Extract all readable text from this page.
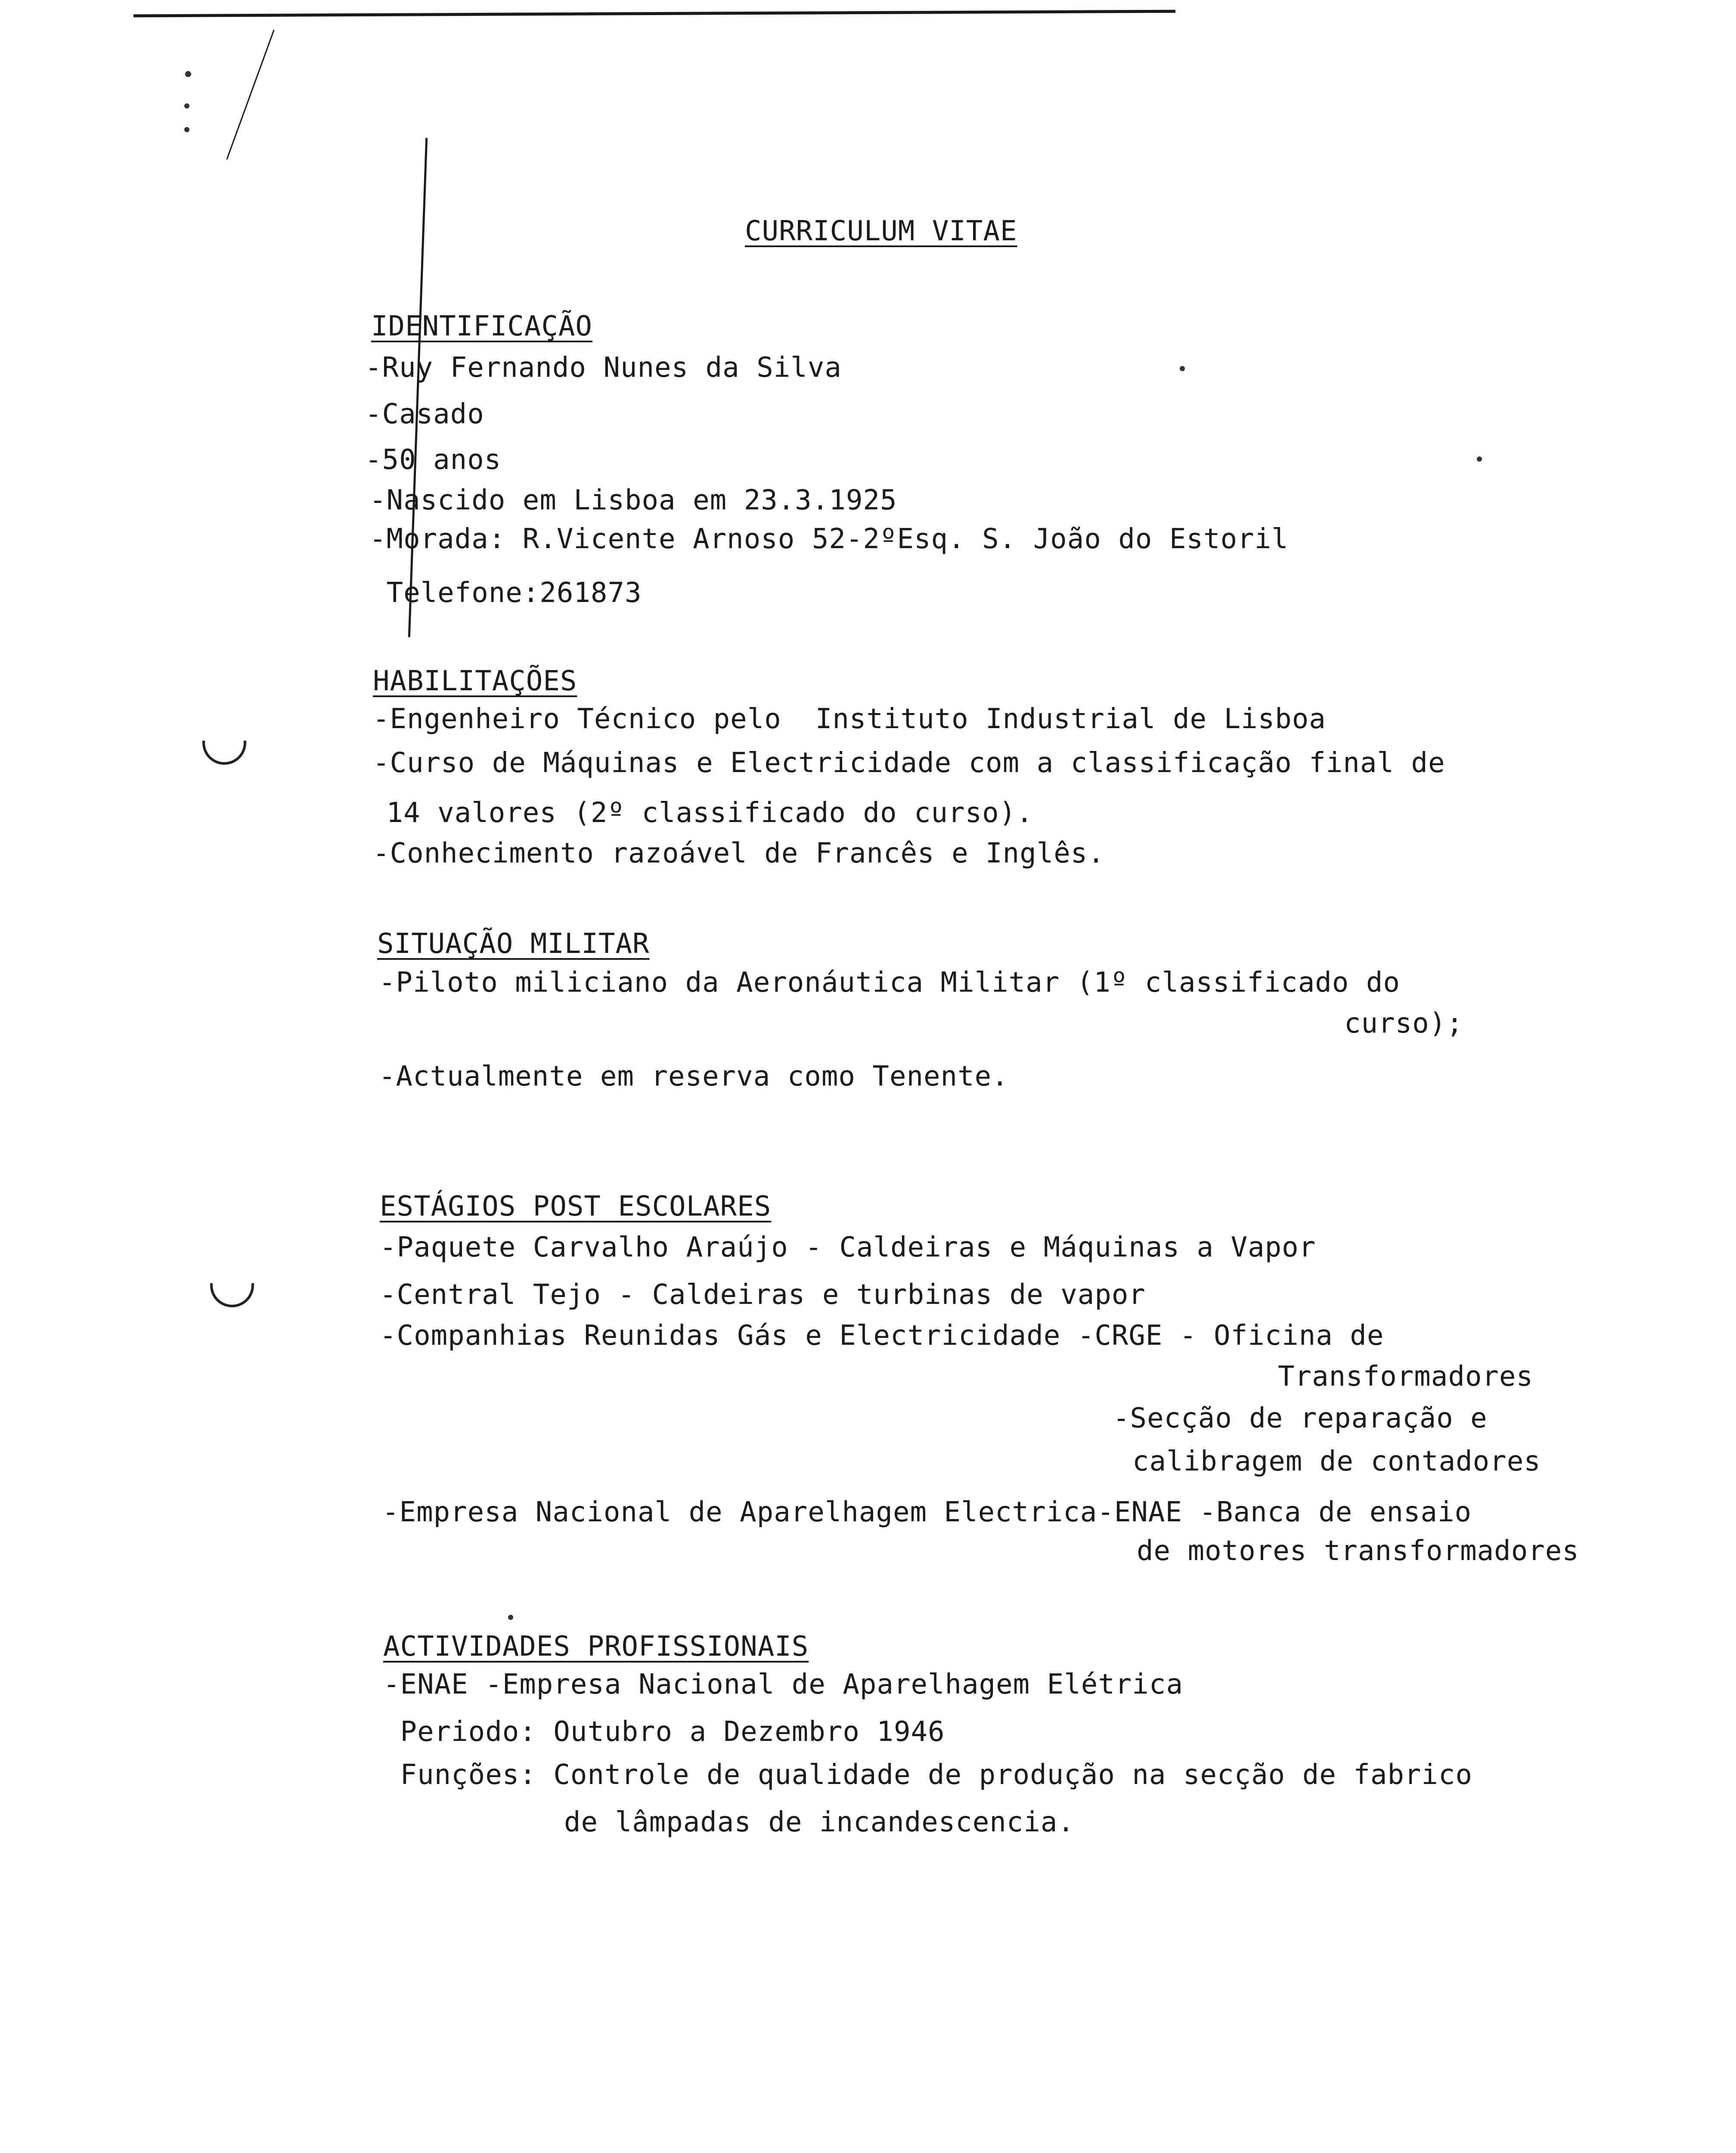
CURRICULUM VITAE
IDENTIFICAÇÃO
-Ruy Fernando Nunes da Silva
-Casado
-50 anos
-Nascido em Lisboa em 23.3.1925
-Morada: R.Vicente Arnoso 52-2ºEsq. S. João do Estoril
Telefone:261873
HABILITAÇÕES
-Engenheiro Técnico pelo  Instituto Industrial de Lisboa
-Curso de Máquinas e Electricidade com a classificação final de
14 valores (2º classificado do curso).
-Conhecimento razoável de Francês e Inglês.
SITUAÇÃO MILITAR
-Piloto miliciano da Aeronáutica Militar (1º classificado do
curso);
-Actualmente em reserva como Tenente.
ESTÁGIOS POST ESCOLARES
-Paquete Carvalho Araújo - Caldeiras e Máquinas a Vapor
-Central Tejo - Caldeiras e turbinas de vapor
-Companhias Reunidas Gás e Electricidade -CRGE - Oficina de
Transformadores
-Secção de reparação e
calibragem de contadores
-Empresa Nacional de Aparelhagem Electrica-ENAE -Banca de ensaio
de motores transformadores
ACTIVIDADES PROFISSIONAIS
-ENAE -Empresa Nacional de Aparelhagem Elétrica
Periodo: Outubro a Dezembro 1946
Funções: Controle de qualidade de produção na secção de fabrico
de lâmpadas de incandescencia.
